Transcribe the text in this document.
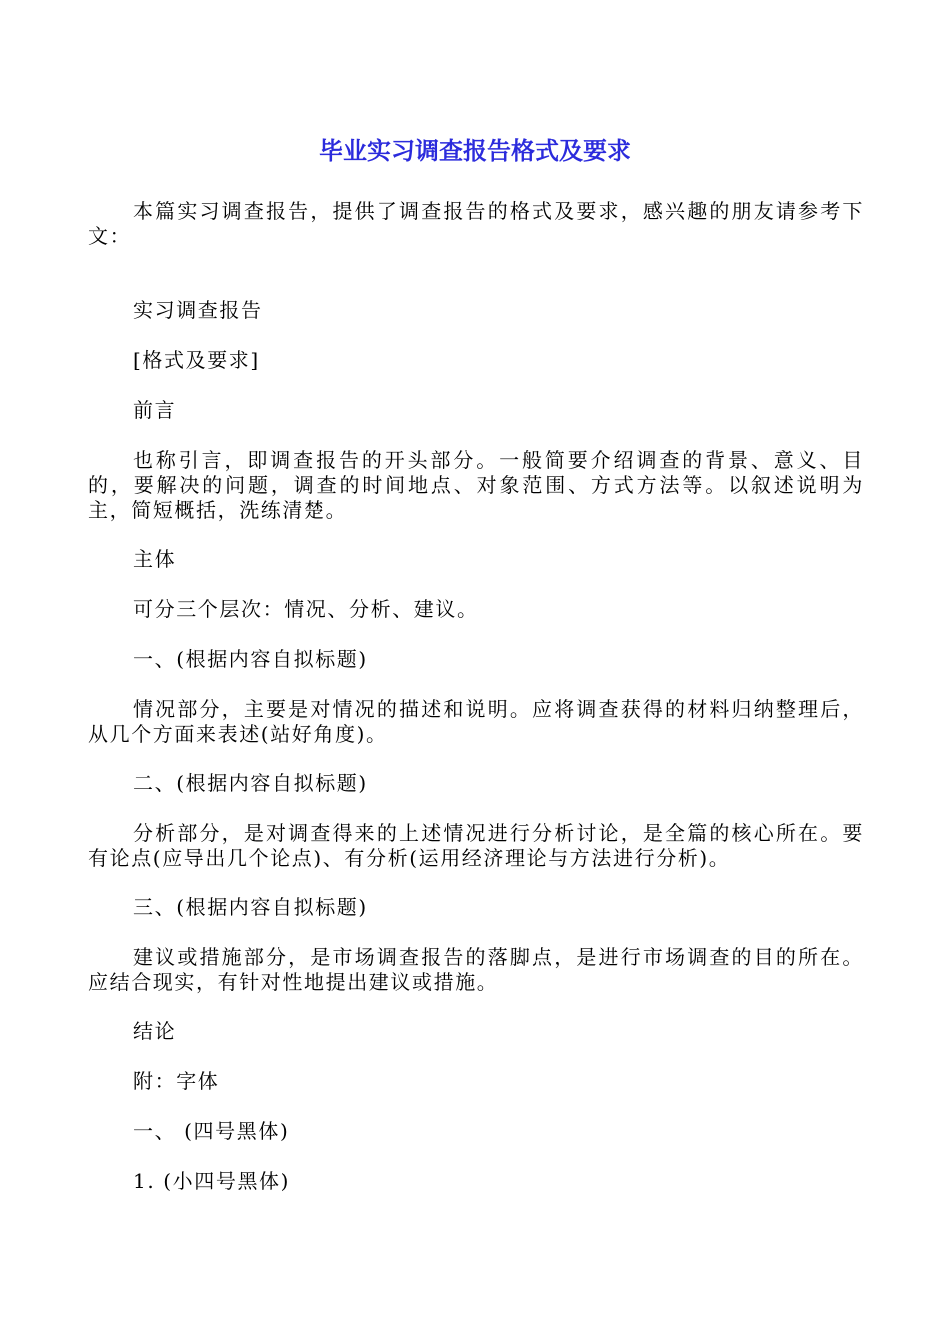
毕业实习调查报告格式及要求

本篇实习调查报告，提供了调查报告的格式及要求，感兴趣的朋友请参考下文：

实习调查报告

[格式及要求]

前言

也称引言，即调查报告的开头部分。一般简要介绍调查的背景、意义、目的，要解决的问题，调查的时间地点、对象范围、方式方法等。以叙述说明为主，简短概括，洗练清楚。

主体

可分三个层次：情况、分析、建议。

一、(根据内容自拟标题)

情况部分，主要是对情况的描述和说明。应将调查获得的材料归纳整理后，从几个方面来表述(站好角度)。

二、(根据内容自拟标题)

分析部分，是对调查得来的上述情况进行分析讨论，是全篇的核心所在。要有论点(应导出几个论点)、有分析(运用经济理论与方法进行分析)。

三、(根据内容自拟标题)

建议或措施部分，是市场调查报告的落脚点，是进行市场调查的目的所在。应结合现实，有针对性地提出建议或措施。

结论

附：字体

一、 (四号黑体)

1. (小四号黑体)
